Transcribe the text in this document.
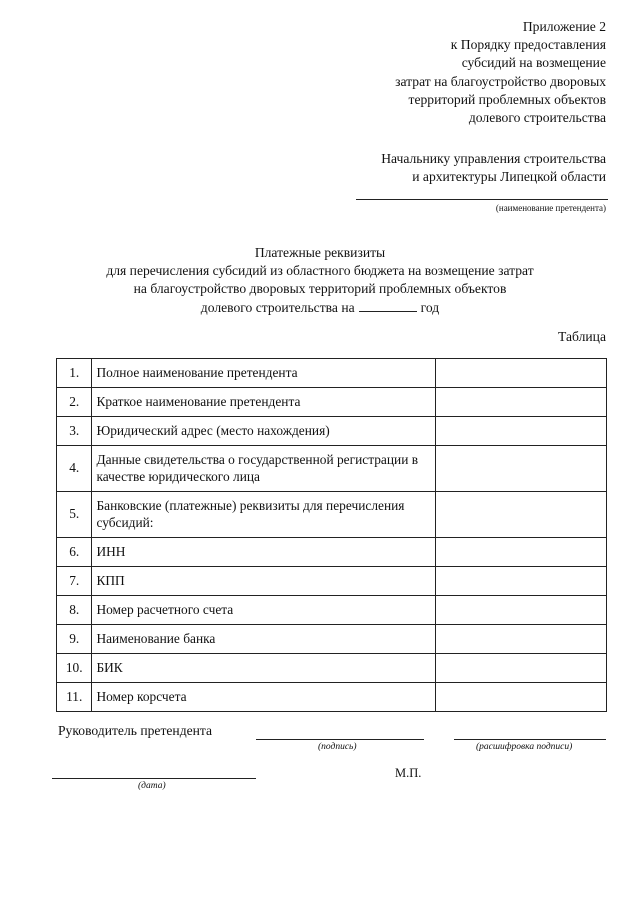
Приложение 2
к Порядку предоставления
субсидий на возмещение
затрат на благоустройство дворовых
территорий проблемных объектов
долевого строительства
Начальнику управления строительства
и архитектуры Липецкой области
(наименование претендента)
Платежные реквизиты
для перечисления субсидий из областного бюджета на возмещение затрат
на благоустройство дворовых территорий проблемных объектов
долевого строительства на	год
Таблица
1.	Полное наименование претендента	
2.	Краткое наименование претендента	
3.	Юридический адрес (место нахождения)	
4.	Данные свидетельства о государственной регистрации в качестве юридического лица	
5.	Банковские (платежные) реквизиты для перечисления субсидий:	
6.	ИНН	
7.	КПП	
8.	Номер расчетного счета	
9.	Наименование банка	
10.	БИК	
11.	Номер корсчета	
Руководитель претендента
(подпись)	(расшифровка подписи)
(дата)
М.П.
